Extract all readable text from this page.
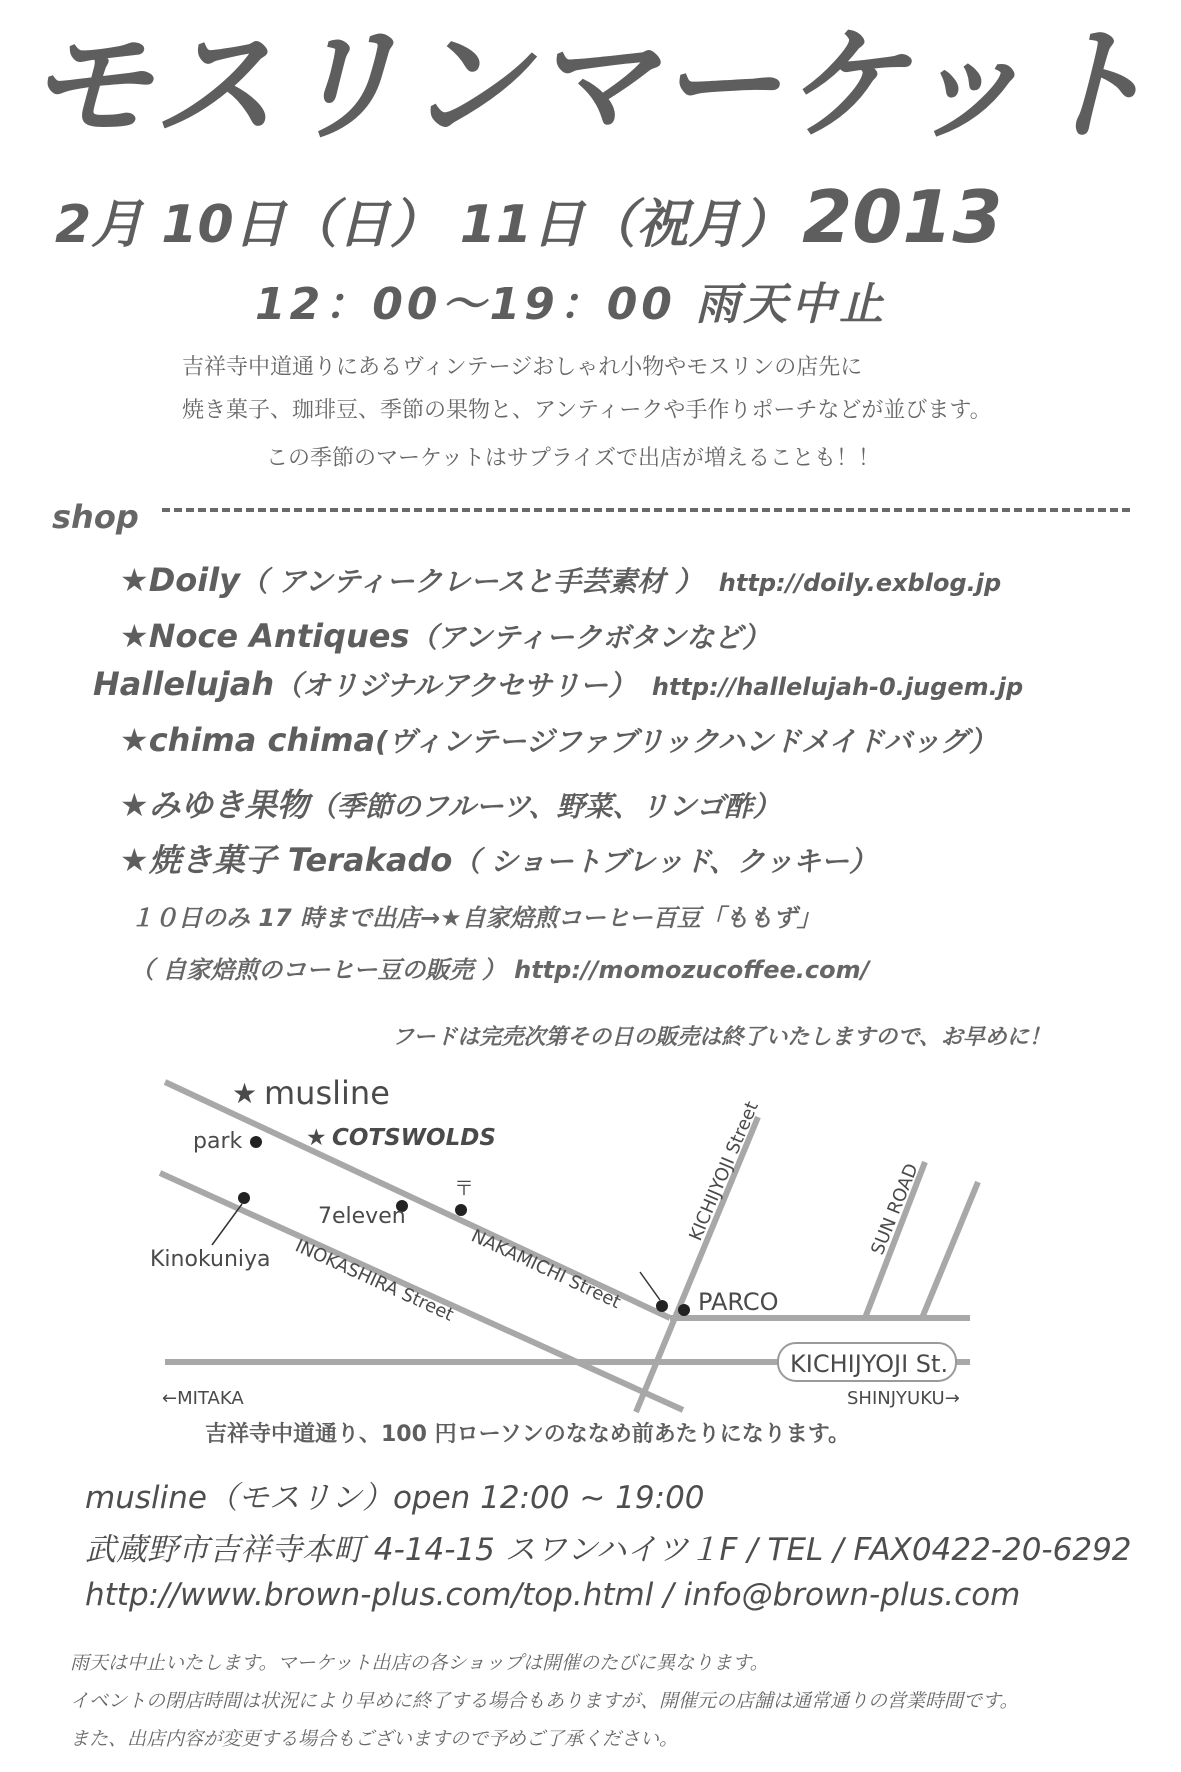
モスリンマーケット
2月 10日（日） 11日（祝月） 2013
12：00〜19：00 雨天中止
吉祥寺中道通りにあるヴィンテージおしゃれ小物やモスリンの店先に
焼き菓子、珈琲豆、季節の果物と、アンティークや手作りポーチなどが並びます。
この季節のマーケットはサプライズで出店が増えることも！！
shop
★Doily（ アンティークレースと手芸素材 ） http://doily.exblog.jp
★Noce Antiques（アンティークボタンなど）
Hallelujah（オリジナルアクセサリー） http://hallelujah-0.jugem.jp
★chima chima(ヴィンテージファブリックハンドメイドバッグ）
★みゆき果物（季節のフルーツ、野菜、リンゴ酢）
★焼き菓子 Terakado（ ショートブレッド、クッキー）
１０日のみ 17 時まで出店→★自家焙煎コーヒー百豆「ももず」
（ 自家焙煎のコーヒー豆の販売 ） http://momozucoffee.com/
フードは完売次第その日の販売は終了いたしますので、お早めに！
KICHIJYOJI St.
★ musline
★ COTSWOLDS
park
Kinokuniya
7eleven
〒
PARCO
INOKASHIRA Street NAKAMICHI Street
KICHIJYOJI Street	SUN ROAD
←MITAKA	SHINJYUKU→
吉祥寺中道通り、100 円ローソンのななめ前あたりになります。
musline（モスリン）open 12:00 ~ 19:00
武蔵野市吉祥寺本町 4-14-15 スワンハイツ１F / TEL / FAX0422-20-6292
http://www.brown-plus.com/top.html / info@brown-plus.com
雨天は中止いたします。マーケット出店の各ショップは開催のたびに異なります。
イベントの閉店時間は状況により早めに終了する場合もありますが、開催元の店舗は通常通りの営業時間です。
また、出店内容が変更する場合もございますので予めご了承ください。
